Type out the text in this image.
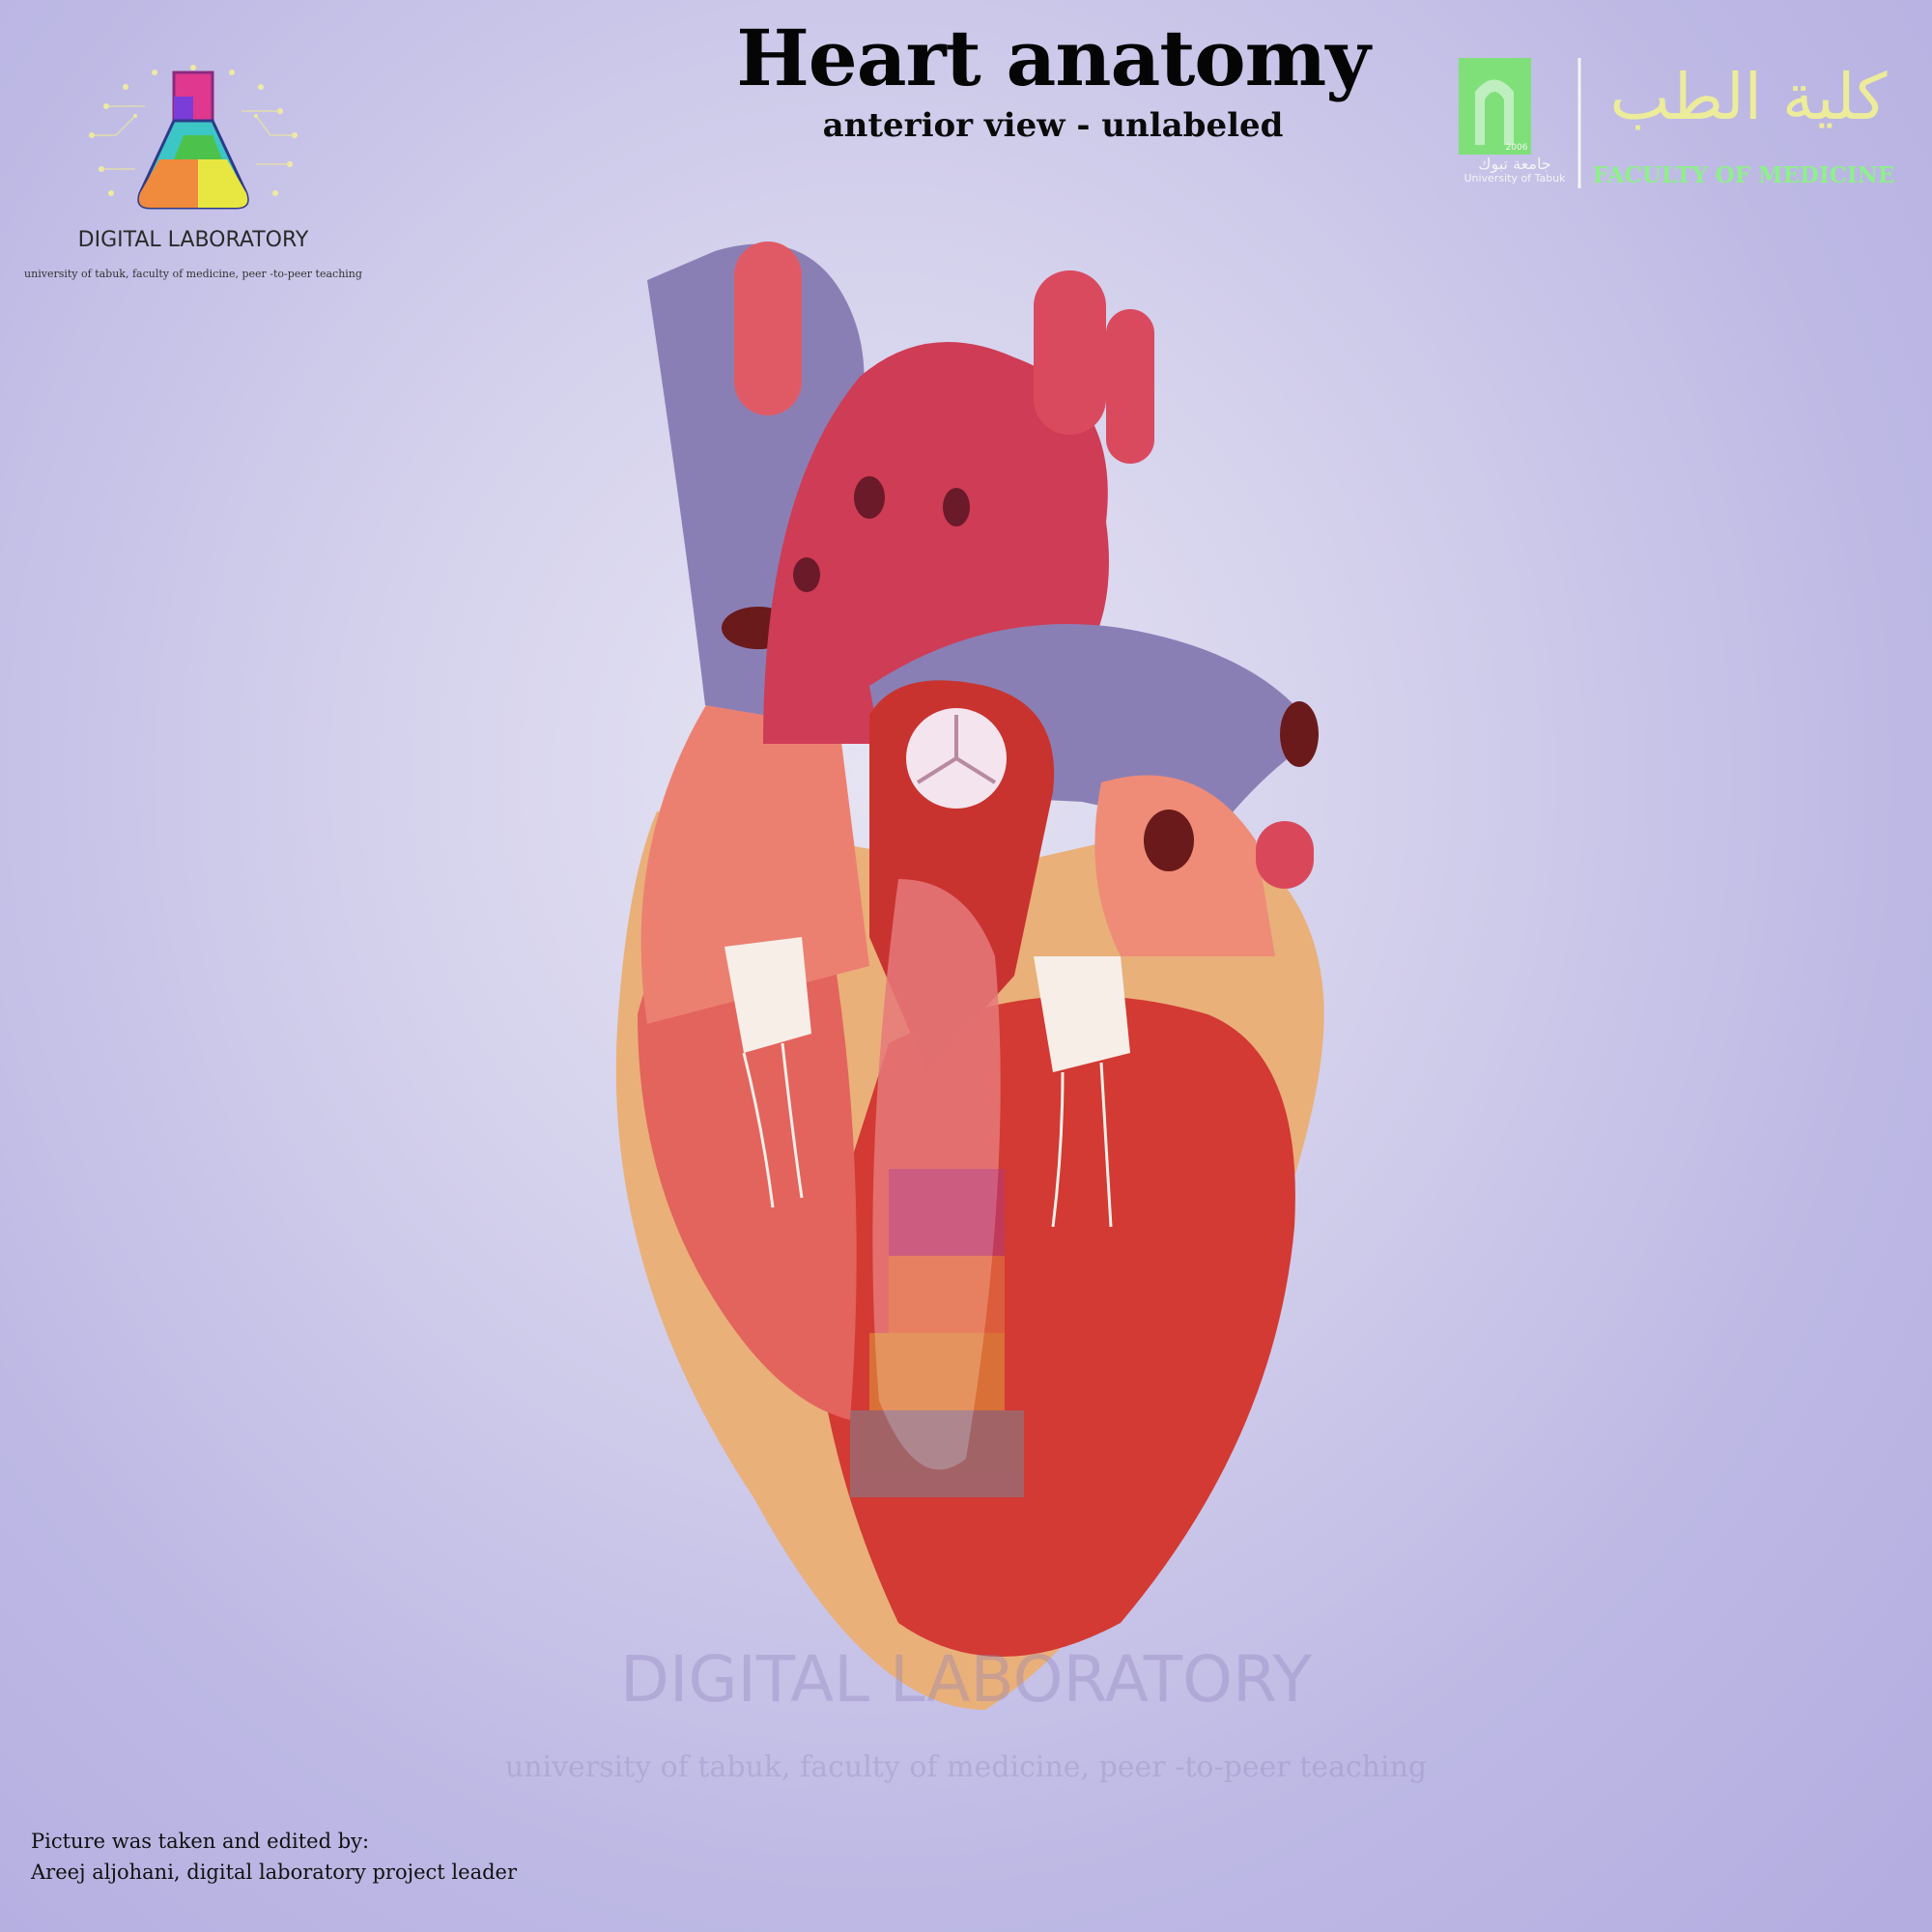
Heart anatomy

anterior view - unlabeled

DIGITAL LABORATORY
university of tabuk, faculty of medicine, peer -to-peer teaching
2006
جامعة تبوك
University of Tabuk
كلية الطب
FACULTY OF MEDICINE
DIGITAL LABORATORY
university of tabuk, faculty of medicine, peer -to-peer teaching
Picture was taken and edited by:
Areej aljohani, digital laboratory project leader
